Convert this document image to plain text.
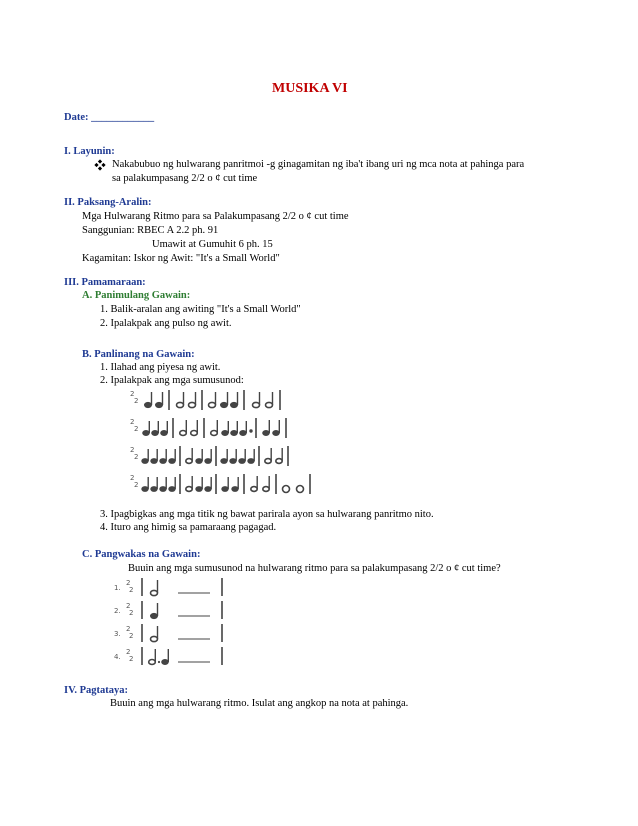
MUSIKA VI
Date: ____________
I. Layunin:
Nakabubuo ng hulwarang panritmoi -g ginagamitan ng iba't ibang uri ng mca nota at pahinga para
sa palakumpasang 2/2 o ¢ cut time
II. Paksang-Aralin:
Mga Hulwarang Ritmo para sa Palakumpasang 2/2 o ¢ cut time
Sanggunian: RBEC A 2.2 ph. 91
Umawit at Gumuhit 6 ph. 15
Kagamitan: Iskor ng Awit: "It's a Small World"
III. Pamamaraan:
A. Panimulang Gawain:
1. Balik-aralan ang awiting "It's a Small World"
2. Ipalakpak ang pulso ng awit.
B. Panlinang na Gawain:
1. Ilahad ang piyesa ng awit.
2. Ipalakpak ang mga sumusunod:
2
2
2
2
2
2
2
2
3. Ipagbigkas ang mga titik ng bawat parirala ayon sa hulwarang panritmo nito.
4. Ituro ang himig sa pamaraang pagagad.
C. Pangwakas na Gawain:
Buuin ang mga sumusunod na hulwarang ritmo para sa palakumpasang 2/2 o ¢ cut time?
1.
2
2
2.
2
2
3.
2
2
4.
2
2
IV. Pagtataya:
Buuin ang mga hulwarang ritmo. Isulat ang angkop na nota at pahinga.
